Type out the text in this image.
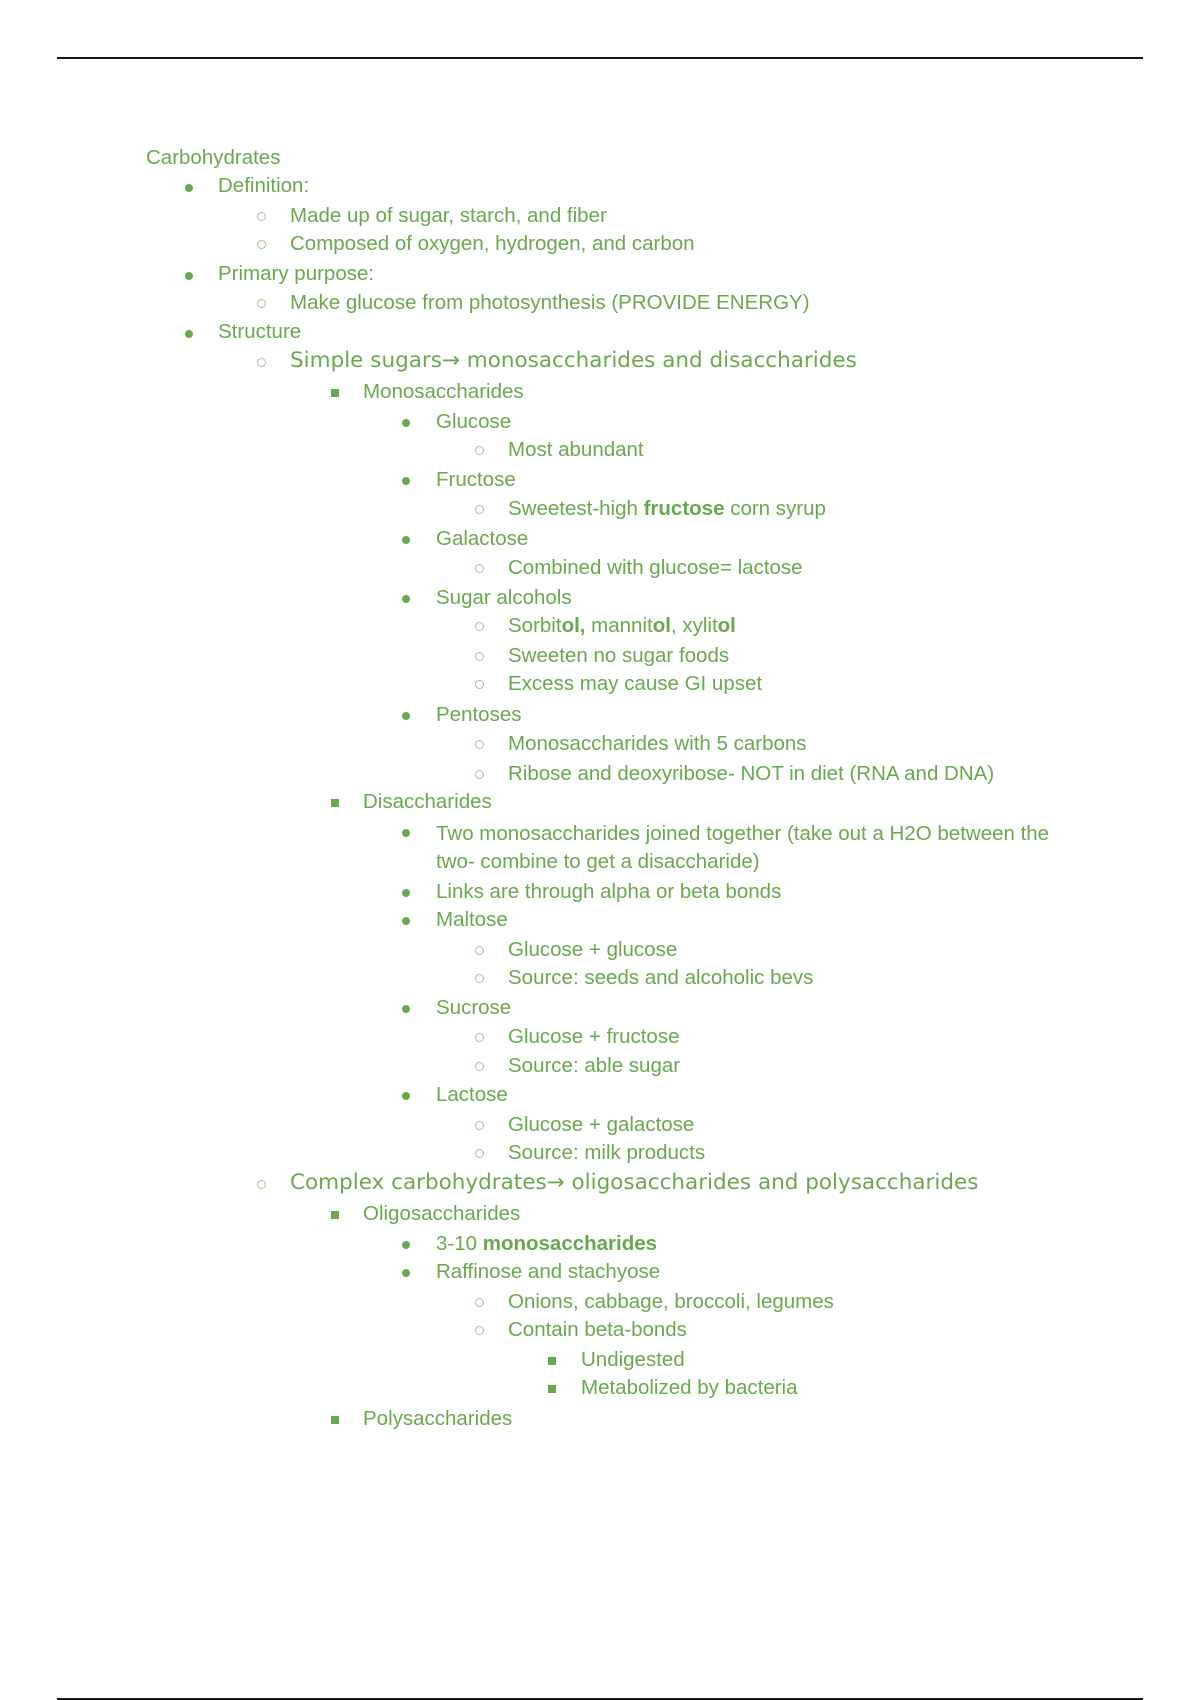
Carbohydrates
Definition:
Made up of sugar, starch, and fiber
Composed of oxygen, hydrogen, and carbon
Primary purpose:
Make glucose from photosynthesis (PROVIDE ENERGY)
Structure
Simple sugars→ monosaccharides and disaccharides
Monosaccharides
Glucose
Most abundant
Fructose
Sweetest-high fructose corn syrup
Galactose
Combined with glucose= lactose
Sugar alcohols
Sorbitol, mannitol, xylitol
Sweeten no sugar foods
Excess may cause GI upset
Pentoses
Monosaccharides with 5 carbons
Ribose and deoxyribose- NOT in diet (RNA and DNA)
Disaccharides
Two monosaccharides joined together (take out a H2O between the two- combine to get a disaccharide)
Links are through alpha or beta bonds
Maltose
Glucose + glucose
Source: seeds and alcoholic bevs
Sucrose
Glucose + fructose
Source: able sugar
Lactose
Glucose + galactose
Source: milk products
Complex carbohydrates→ oligosaccharides and polysaccharides
Oligosaccharides
3-10 monosaccharides
Raffinose and stachyose
Onions, cabbage, broccoli, legumes
Contain beta-bonds
Undigested
Metabolized by bacteria
Polysaccharides
